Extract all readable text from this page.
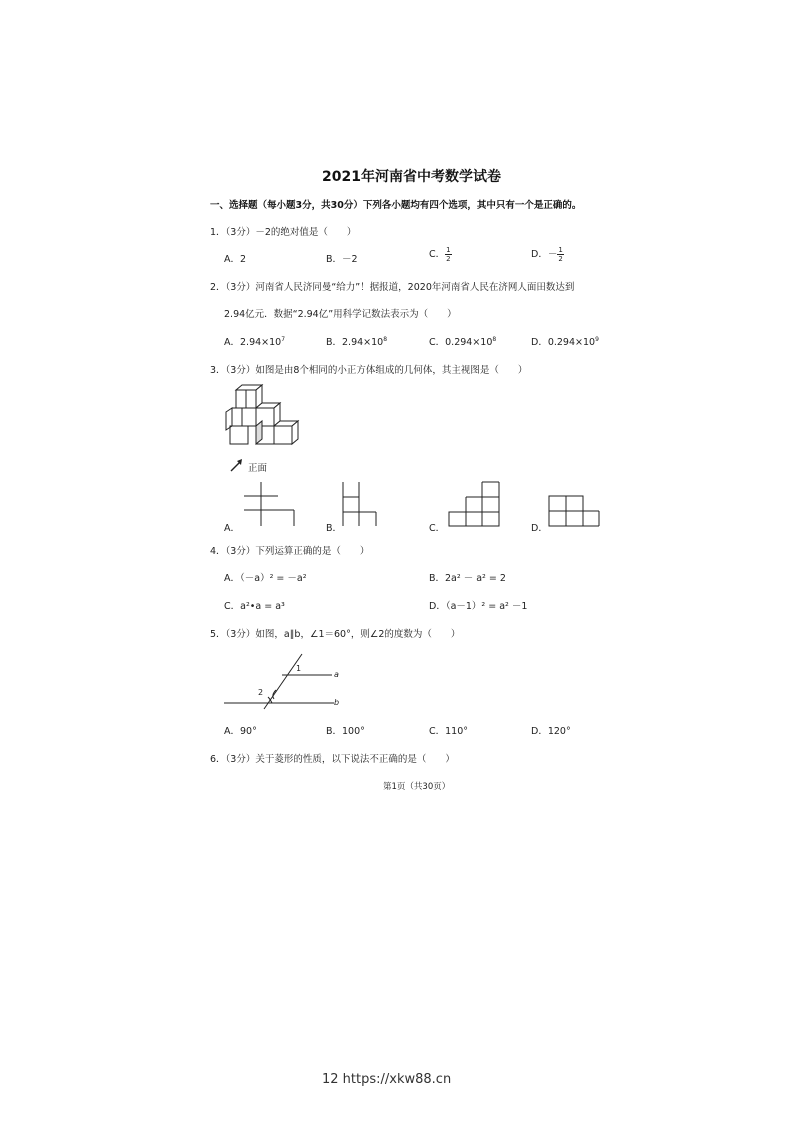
2021年河南省中考数学试卷
一、选择题（每小题3分，共30分）下列各小题均有四个选项，其中只有一个是正确的。
1．（3分）－2的绝对值是（　　）
A．2	B．－2	C． $\frac{1}{2}$	D．－ $\frac{1}{2}$
2．（3分）河南省人民济同曼“给力”！据报道，2020年河南省人民在济网人面田数达到
2.94亿元．数据“2.94亿”用科学记数法表示为（　　）
A．$2.94\times 10^7$	B．$2.94\times 10^8$	C．$0.294\times 10^8$	D．$0.294\times 10^9$
3．（3分）如图是由8个相同的小正方体组成的几何体，其主视图是（　　）
正面
A．	B．	C．	D．
4．（3分）下列运算正确的是（　　）
A．（－a）² = －a²	B．2a² － a² = 2
C．a²•a = a³	D．（a－1）² = a² －1
5．（3分）如图，a∥b，∠1＝60°，则∠2的度数为（　　）
1
2
a
b
A．90°	B．100°	C．110°	D．120°
6．（3分）关于菱形的性质，以下说法不正确的是（　　）
第1页（共30页）
12 https://xkw88.cn
